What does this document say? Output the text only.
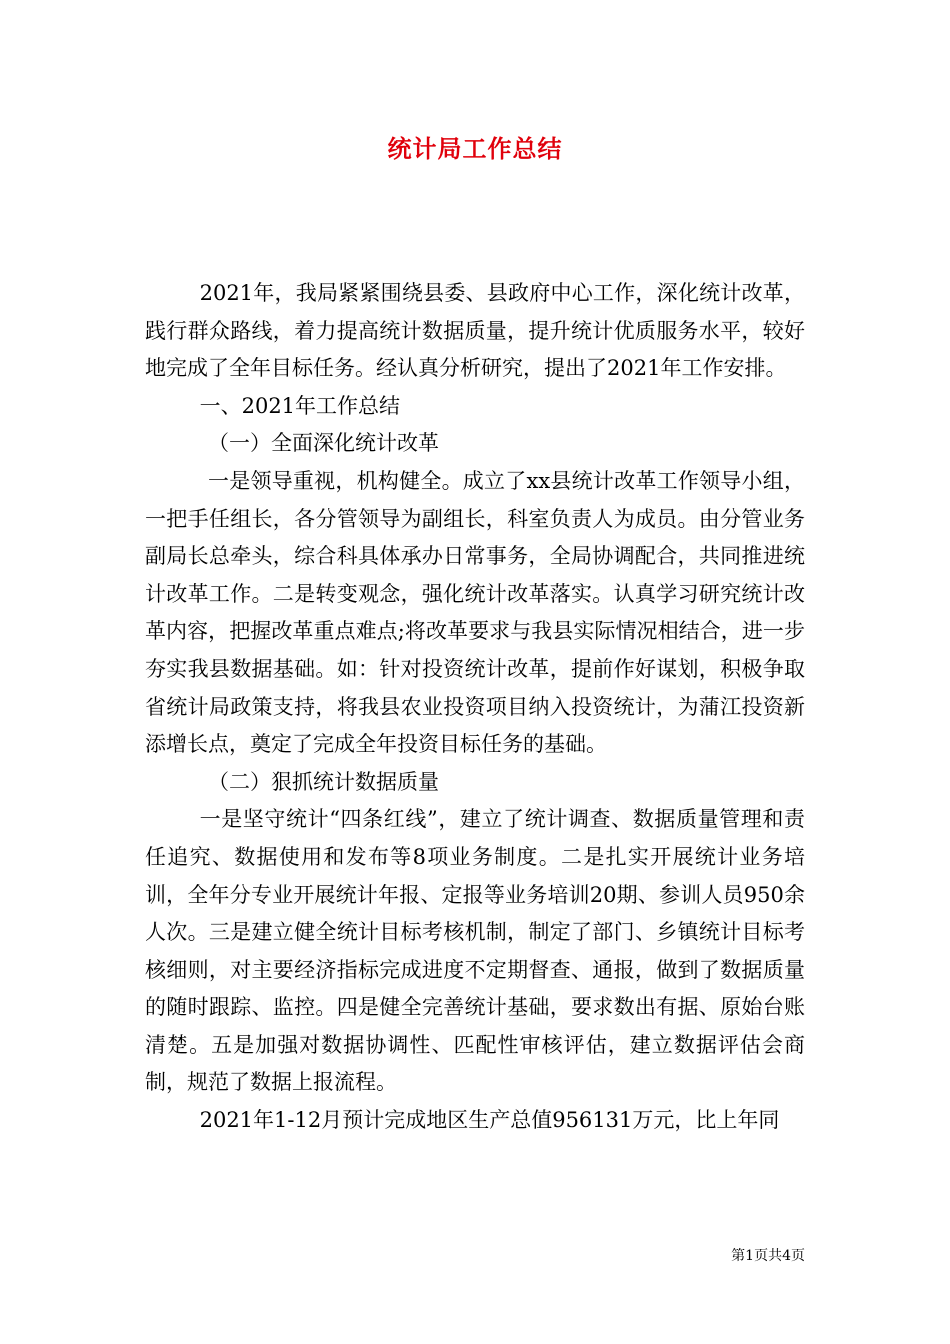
统计局工作总结

2021年，我局紧紧围绕县委、县政府中心工作，深化统计改革，践行群众路线，着力提高统计数据质量，提升统计优质服务水平，较好地完成了全年目标任务。经认真分析研究，提出了2021年工作安排。

一、2021年工作总结

（一）全面深化统计改革

一是领导重视，机构健全。成立了xx县统计改革工作领导小组，一把手任组长，各分管领导为副组长，科室负责人为成员。由分管业务副局长总牵头，综合科具体承办日常事务，全局协调配合，共同推进统计改革工作。二是转变观念，强化统计改革落实。认真学习研究统计改革内容，把握改革重点难点;将改革要求与我县实际情况相结合，进一步夯实我县数据基础。如：针对投资统计改革，提前作好谋划，积极争取省统计局政策支持，将我县农业投资项目纳入投资统计，为蒲江投资新添增长点，奠定了完成全年投资目标任务的基础。

（二）狠抓统计数据质量

一是坚守统计“四条红线”，建立了统计调查、数据质量管理和责任追究、数据使用和发布等8项业务制度。二是扎实开展统计业务培训，全年分专业开展统计年报、定报等业务培训20期、参训人员950余人次。三是建立健全统计目标考核机制，制定了部门、乡镇统计目标考核细则，对主要经济指标完成进度不定期督查、通报，做到了数据质量的随时跟踪、监控。四是健全完善统计基础，要求数出有据、原始台账清楚。五是加强对数据协调性、匹配性审核评估，建立数据评估会商制，规范了数据上报流程。

2021年1-12月预计完成地区生产总值956131万元，比上年同

第1页共4页
